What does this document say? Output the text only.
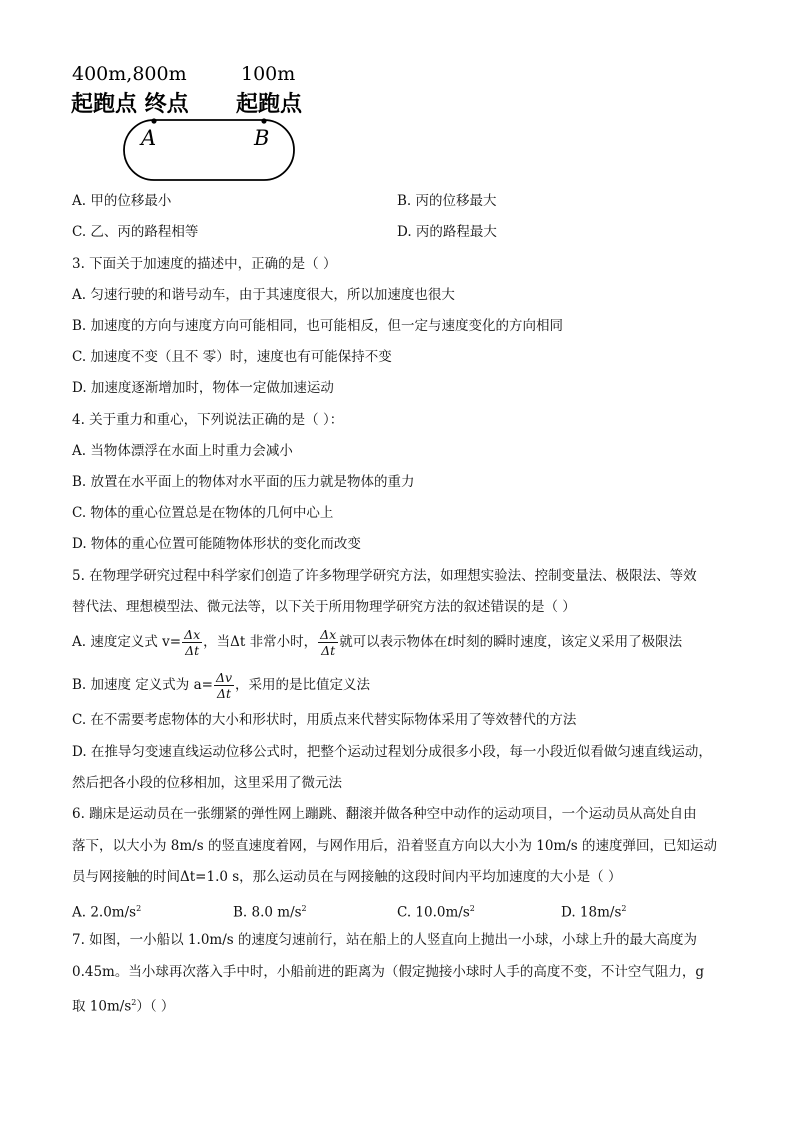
400m,800m	100m
起跑点 终点 起跑点
A	B
A. 甲的位移最小	B. 丙的位移最大
C. 乙、丙的路程相等	D. 丙的路程最大
3. 下面关于加速度的描述中，正确的是（ ）
A. 匀速行驶的和谐号动车，由于其速度很大，所以加速度也很大
B. 加速度的方向与速度方向可能相同，也可能相反，但一定与速度变化的方向相同
C. 加速度不变（且不 零）时，速度也有可能保持不变
D. 加速度逐渐增加时，物体一定做加速运动
4. 关于重力和重心，下列说法正确的是（ ）：
A. 当物体漂浮在水面上时重力会减小
B. 放置在水平面上的物体对水平面的压力就是物体的重力
C. 物体的重心位置总是在物体的几何中心上
D. 物体的重心位置可能随物体形状的变化而改变
5. 在物理学研究过程中科学家们创造了许多物理学研究方法，如理想实验法、控制变量法、极限法、等效
替代法、理想模型法、微元法等，以下关于所用物理学研究方法的叙述错误的是（ ）
A. 速度定义式 $v= \frac{\Delta x}{\Delta t}$ ，当Δt 非常小时， $\frac{\Delta x}{\Delta t}$ 就可以表示物体在t时刻的瞬时速度，该定义采用了极限法
B. 加速度 定义式为 $a= \frac{\Delta v}{\Delta t}$ ，采用的是比值定义法
C. 在不需要考虑物体的大小和形状时，用质点来代替实际物体采用了等效替代的方法
D. 在推导匀变速直线运动位移公式时，把整个运动过程划分成很多小段，每一小段近似看做匀速直线运动，
然后把各小段的位移相加，这里采用了微元法
6. 蹦床是运动员在一张绷紧的弹性网上蹦跳、翻滚并做各种空中动作的运动项目，一个运动员从高处自由
落下，以大小为 8m/s 的竖直速度着网，与网作用后，沿着竖直方向以大小为 10m/s 的速度弹回，已知运动
员与网接触的时间Δt=1.0 s，那么运动员在与网接触的这段时间内平均加速度的大小是（ ）
A. $2.0m/s^2$	B. 8.0 $m/s^2$	C. $10.0m/s^2$	D. $18m/s^2$
7. 如图，一小船以 1.0m/s 的速度匀速前行，站在船上的人竖直向上抛出一小球，小球上升的最大高度为
0.45m。当小球再次落入手中时，小船前进的距离为（假定抛接小球时人手的高度不变，不计空气阻力，g
取 $10m/s^2$）（ ）
